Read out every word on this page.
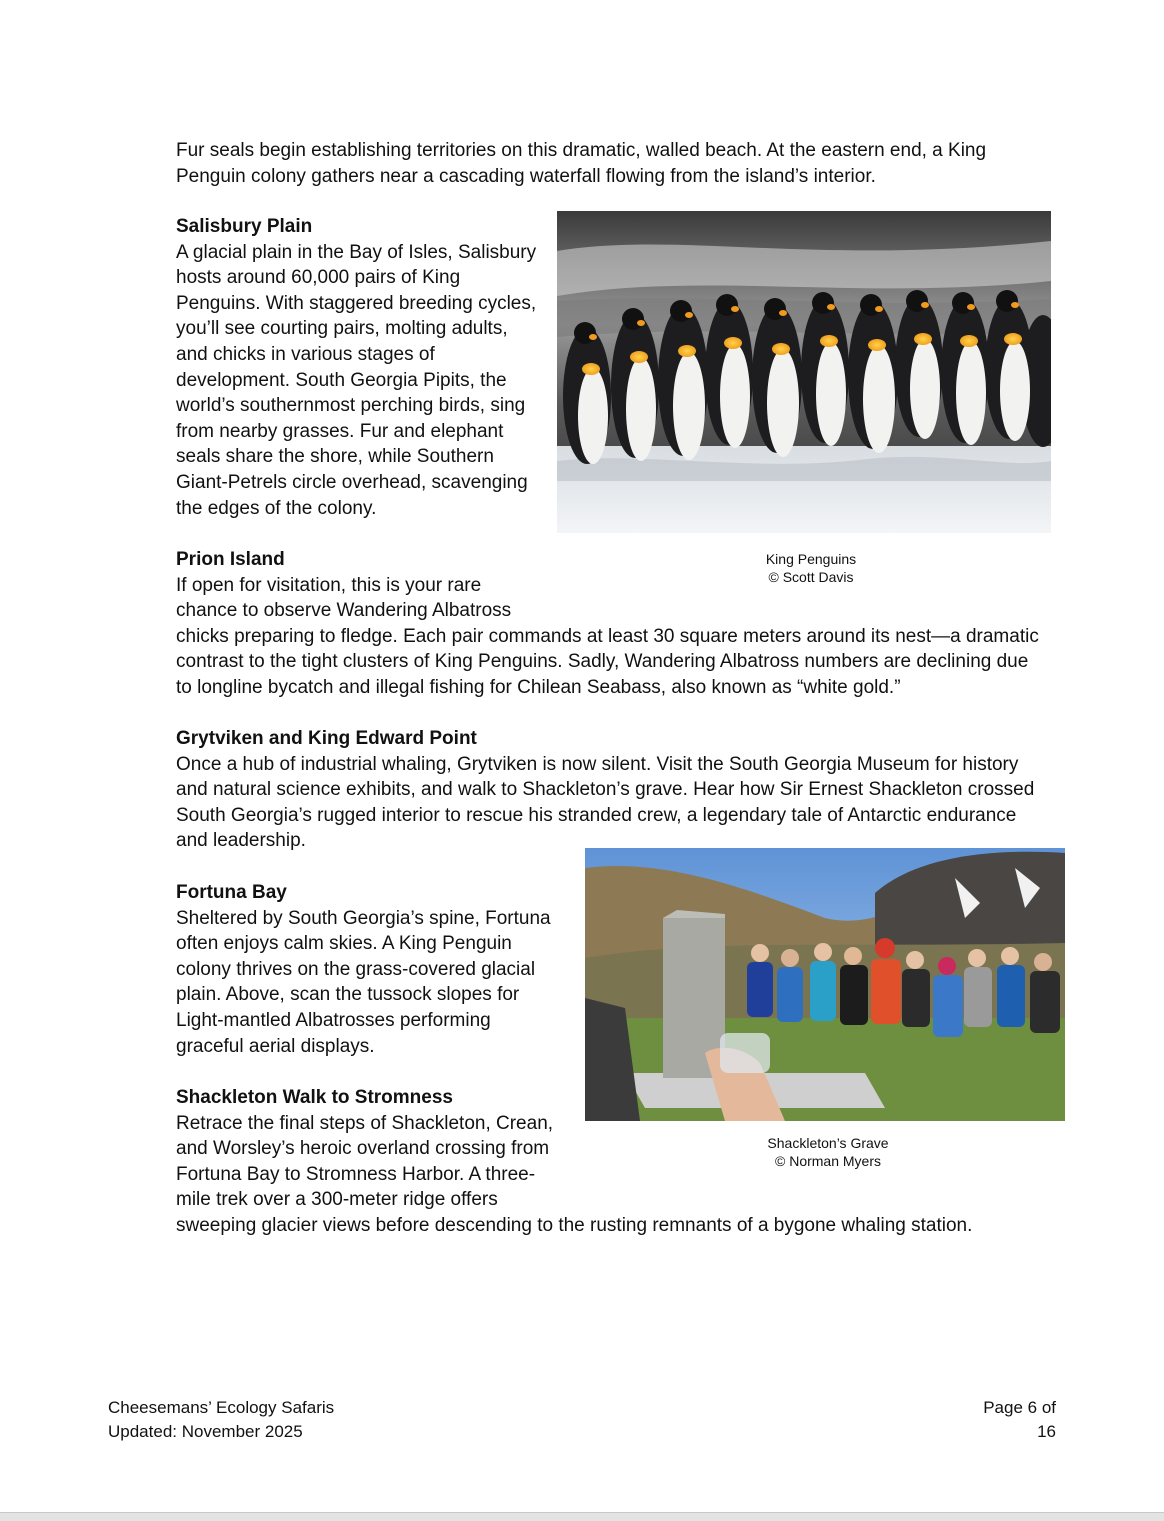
Fur seals begin establishing territories on this dramatic, walled beach. At the eastern end, a King
Penguin colony gathers near a cascading waterfall flowing from the island’s interior.

Salisbury Plain
A glacial plain in the Bay of Isles, Salisbury
hosts around 60,000 pairs of King
Penguins. With staggered breeding cycles,
you’ll see courting pairs, molting adults,
and chicks in various stages of
development. South Georgia Pipits, the
world’s southernmost perching birds, sing
from nearby grasses. Fur and elephant
seals share the shore, while Southern
Giant-Petrels circle overhead, scavenging
the edges of the colony.
King Penguins
© Scott Davis
Prion Island
If open for visitation, this is your rare
chance to observe Wandering Albatross
chicks preparing to fledge. Each pair commands at least 30 square meters around its nest—a dramatic
contrast to the tight clusters of King Penguins. Sadly, Wandering Albatross numbers are declining due
to longline bycatch and illegal fishing for Chilean Seabass, also known as “white gold.”
Grytviken and King Edward Point
Once a hub of industrial whaling, Grytviken is now silent. Visit the South Georgia Museum for history
and natural science exhibits, and walk to Shackleton’s grave. Hear how Sir Ernest Shackleton crossed
South Georgia’s rugged interior to rescue his stranded crew, a legendary tale of Antarctic endurance
and leadership.
Shackleton’s Grave
© Norman Myers
Fortuna Bay
Sheltered by South Georgia’s spine, Fortuna
often enjoys calm skies. A King Penguin
colony thrives on the grass-covered glacial
plain. Above, scan the tussock slopes for
Light-mantled Albatrosses performing
graceful aerial displays.
Shackleton Walk to Stromness
Retrace the final steps of Shackleton, Crean,
and Worsley’s heroic overland crossing from
Fortuna Bay to Stromness Harbor. A three-
mile trek over a 300-meter ridge offers
sweeping glacier views before descending to the rusting remnants of a bygone whaling station.
Cheesemans’ Ecology Safaris
Updated: November 2025
Page 6 of 16
